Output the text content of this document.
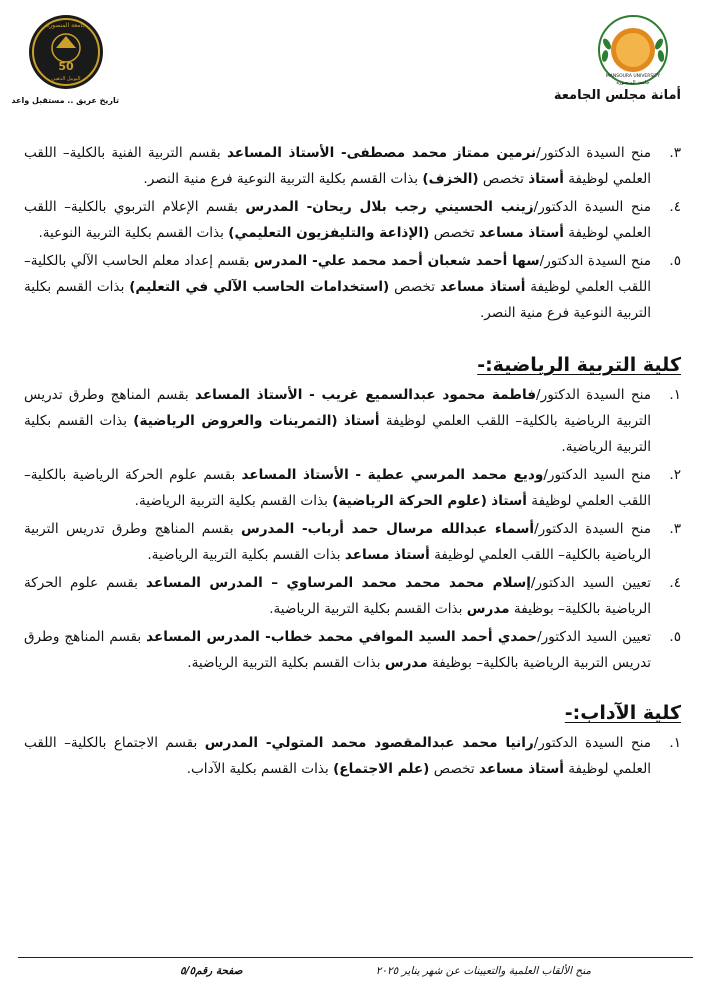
MANSOURA UNIVERSITY
جامعة المنصورة
أمانة مجلس الجامعة
جامعة المنصورة
50
اليوبيل الذهبي
تاريخ عريق .. مستقبل واعد
٣.
منح السيدة الدكتور/نرمين ممتاز محمد مصطفى- الأستاذ المساعد بقسم التربية الفنية بالكلية– اللقب العلمي لوظيفة أستاذ تخصص (الخزف) بذات القسم بكلية التربية النوعية فرع منية النصر.
٤.
منح السيدة الدكتور/زينب الحسيني رجب بلال ريحان- المدرس بقسم الإعلام التربوي بالكلية– اللقب العلمي لوظيفة أستاذ مساعد تخصص (الإذاعة والتليفزيون التعليمي) بذات القسم بكلية التربية النوعية.
٥.
منح السيدة الدكتور/سها أحمد شعبان أحمد محمد علي- المدرس بقسم إعداد معلم الحاسب الآلي بالكلية– اللقب العلمي لوظيفة أستاذ مساعد تخصص (استخدامات الحاسب الآلي في التعليم) بذات القسم بكلية التربية النوعية فرع منية النصر.
كلية التربية الرياضية:-
١.
منح السيدة الدكتور/فاطمة محمود عبدالسميع غريب - الأستاذ المساعد بقسم المناهج وطرق تدريس التربية الرياضية بالكلية– اللقب العلمي لوظيفة أستاذ (التمرينات والعروض الرياضية) بذات القسم بكلية التربية الرياضية.
٢.
منح السيد الدكتور/وديع محمد المرسي عطية - الأستاذ المساعد بقسم علوم الحركة الرياضية بالكلية– اللقب العلمي لوظيفة أستاذ (علوم الحركة الرياضية) بذات القسم بكلية التربية الرياضية.
٣.
منح السيدة الدكتور/أسماء عبدالله مرسال حمد أرباب- المدرس بقسم المناهج وطرق تدريس التربية الرياضية بالكلية– اللقب العلمي لوظيفة أستاذ مساعد بذات القسم بكلية التربية الرياضية.
٤.
تعيين السيد الدكتور/إسلام محمد محمد محمد المرساوي – المدرس المساعد بقسم علوم الحركة الرياضية بالكلية– بوظيفة مدرس بذات القسم بكلية التربية الرياضية.
٥.
تعيين السيد الدكتور/حمدي أحمد السيد الموافي محمد خطاب- المدرس المساعد بقسم المناهج وطرق تدريس التربية الرياضية بالكلية– بوظيفة مدرس بذات القسم بكلية التربية الرياضية.
كلية الآداب:-
١.
منح السيدة الدكتور/رانيا محمد عبدالمقصود محمد المتولي- المدرس بقسم الاجتماع بالكلية– اللقب العلمي لوظيفة أستاذ مساعد تخصص (علم الاجتماع) بذات القسم بكلية الآداب.
منح الألقاب العلمية والتعيينات عن شهر يناير ٢٠٢٥
صفحة رقم٥/٥
